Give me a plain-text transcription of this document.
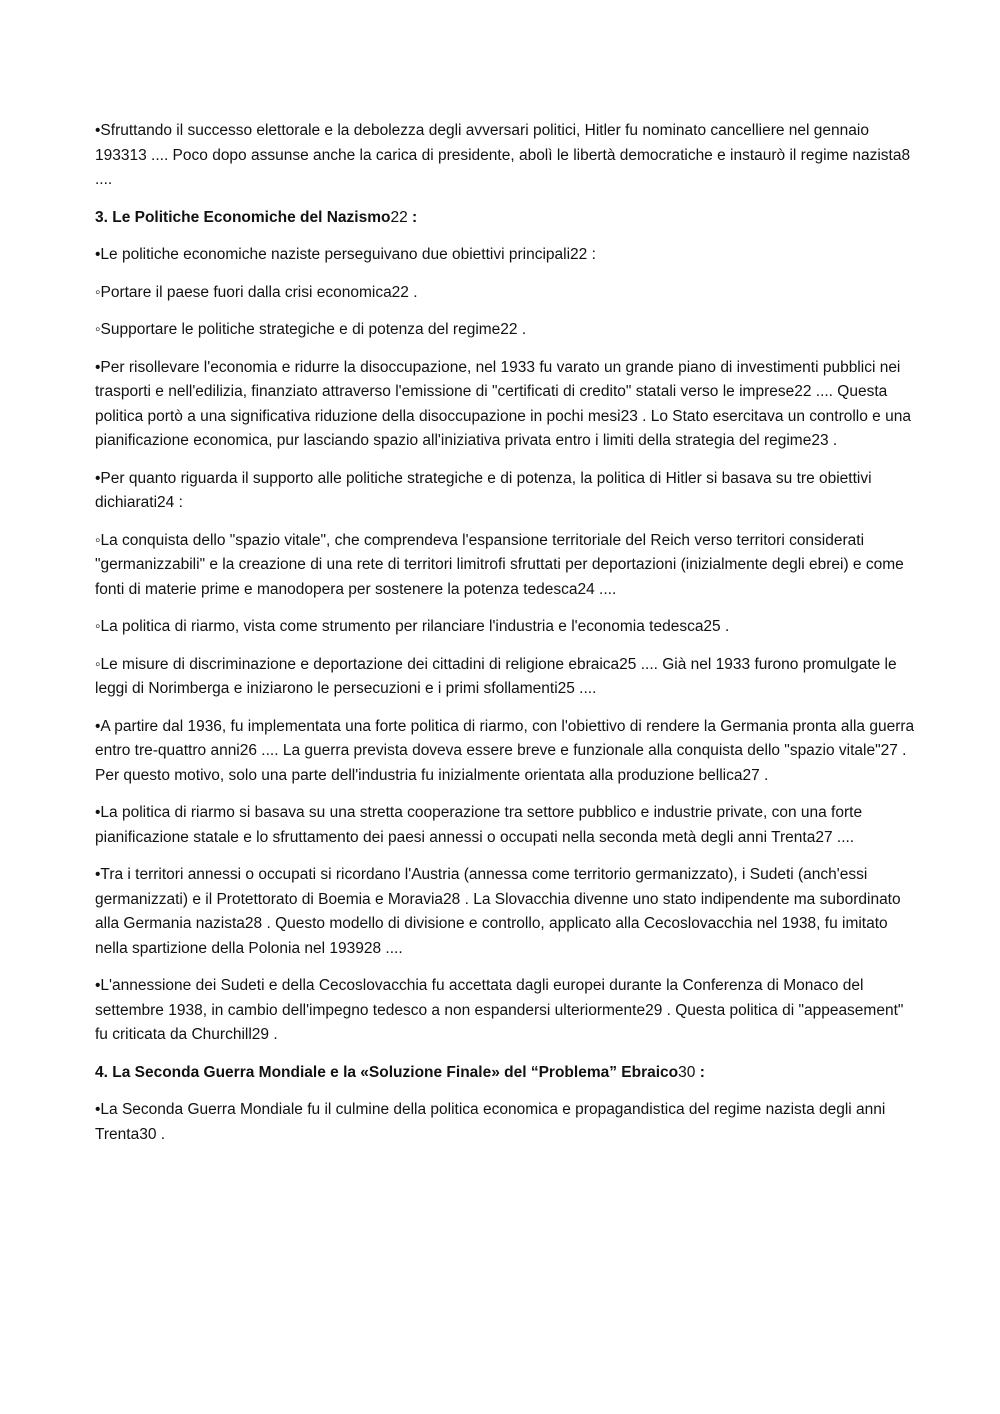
•Sfruttando il successo elettorale e la debolezza degli avversari politici, Hitler fu nominato cancelliere nel gennaio 193313 .... Poco dopo assunse anche la carica di presidente, abolì le libertà democratiche e instaurò il regime nazista8 ....

3. Le Politiche Economiche del Nazismo22 :

•Le politiche economiche naziste perseguivano due obiettivi principali22 :

◦Portare il paese fuori dalla crisi economica22 .

◦Supportare le politiche strategiche e di potenza del regime22 .

•Per risollevare l'economia e ridurre la disoccupazione, nel 1933 fu varato un grande piano di investimenti pubblici nei trasporti e nell'edilizia, finanziato attraverso l'emissione di "certificati di credito" statali verso le imprese22 .... Questa politica portò a una significativa riduzione della disoccupazione in pochi mesi23 . Lo Stato esercitava un controllo e una pianificazione economica, pur lasciando spazio all'iniziativa privata entro i limiti della strategia del regime23 .

•Per quanto riguarda il supporto alle politiche strategiche e di potenza, la politica di Hitler si basava su tre obiettivi dichiarati24 :

◦La conquista dello "spazio vitale", che comprendeva l'espansione territoriale del Reich verso territori considerati "germanizzabili" e la creazione di una rete di territori limitrofi sfruttati per deportazioni (inizialmente degli ebrei) e come fonti di materie prime e manodopera per sostenere la potenza tedesca24 ....

◦La politica di riarmo, vista come strumento per rilanciare l'industria e l'economia tedesca25 .

◦Le misure di discriminazione e deportazione dei cittadini di religione ebraica25 .... Già nel 1933 furono promulgate le leggi di Norimberga e iniziarono le persecuzioni e i primi sfollamenti25 ....

•A partire dal 1936, fu implementata una forte politica di riarmo, con l'obiettivo di rendere la Germania pronta alla guerra entro tre-quattro anni26 .... La guerra prevista doveva essere breve e funzionale alla conquista dello "spazio vitale"27 . Per questo motivo, solo una parte dell'industria fu inizialmente orientata alla produzione bellica27 .

•La politica di riarmo si basava su una stretta cooperazione tra settore pubblico e industrie private, con una forte pianificazione statale e lo sfruttamento dei paesi annessi o occupati nella seconda metà degli anni Trenta27 ....

•Tra i territori annessi o occupati si ricordano l'Austria (annessa come territorio germanizzato), i Sudeti (anch'essi germanizzati) e il Protettorato di Boemia e Moravia28 . La Slovacchia divenne uno stato indipendente ma subordinato alla Germania nazista28 . Questo modello di divisione e controllo, applicato alla Cecoslovacchia nel 1938, fu imitato nella spartizione della Polonia nel 193928 ....

•L'annessione dei Sudeti e della Cecoslovacchia fu accettata dagli europei durante la Conferenza di Monaco del settembre 1938, in cambio dell'impegno tedesco a non espandersi ulteriormente29 . Questa politica di "appeasement" fu criticata da Churchill29 .

4. La Seconda Guerra Mondiale e la «Soluzione Finale» del “Problema” Ebraico30 :

•La Seconda Guerra Mondiale fu il culmine della politica economica e propagandistica del regime nazista degli anni Trenta30 .
